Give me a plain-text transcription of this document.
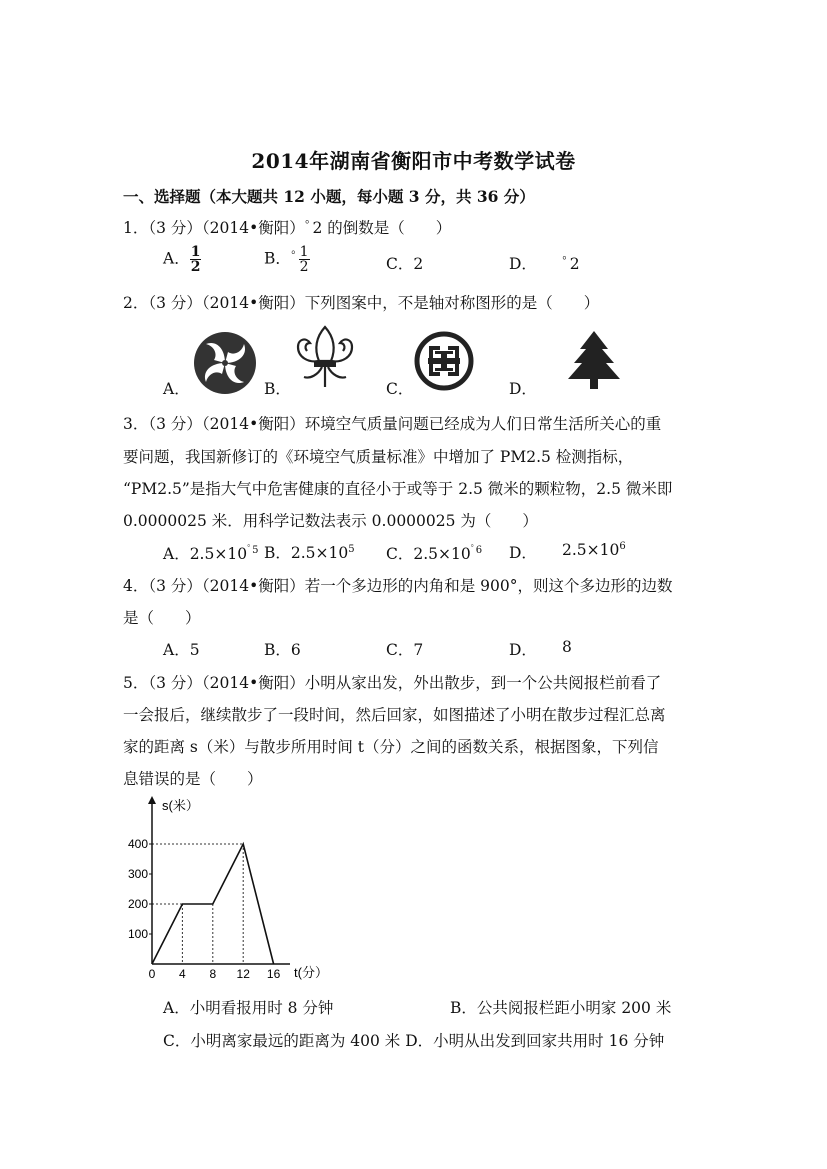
2014年湖南省衡阳市中考数学试卷
一、选择题（本大题共 12 小题，每小题 3 分，共 36 分）
1．（3 分）（2014•衡阳）ﾟ2 的倒数是（　　）
A． $\frac{1}{2}$	B．ﾟ $\frac{1}{2}$	C．2	D． ﾟ2
2．（3 分）（2014•衡阳）下列图案中，不是轴对称图形的是（　　）
A．	B．	C．	D．
3．（3 分）（2014•衡阳）环境空气质量问题已经成为人们日常生活所关心的重
要问题，我国新修订的《环境空气质量标准》中增加了 PM2.5 检测指标，
“PM2.5”是指大气中危害健康的直径小于或等于 2.5 微米的颗粒物，2.5 微米即
0.0000025 米．用科学记数法表示 0.0000025 为（　　）
A．$2.5\times 10^{ﾟ5}$ B．$2.5\times 10^5$ C．$2.5\times 10^{ﾟ6}$ D． $2.5\times 10^6$
4．（3 分）（2014•衡阳）若一个多边形的内角和是 900°，则这个多边形的边数
是（　　）
A．5	B．6	C．7	D． 8
5．（3 分）（2014•衡阳）小明从家出发，外出散步，到一个公共阅报栏前看了
一会报后，继续散步了一段时间，然后回家，如图描述了小明在散步过程汇总离
家的距离 s（米）与散步所用时间 t（分）之间的函数关系，根据图象，下列信
息错误的是（　　）
s(米）
t(分）
100
200
300
400
0 4 8 12 16
A．小明看报用时 8 分钟	B．公共阅报栏距小明家 200 米
C．小明离家最远的距离为 400 米 D．小明从出发到回家共用时 16 分钟
